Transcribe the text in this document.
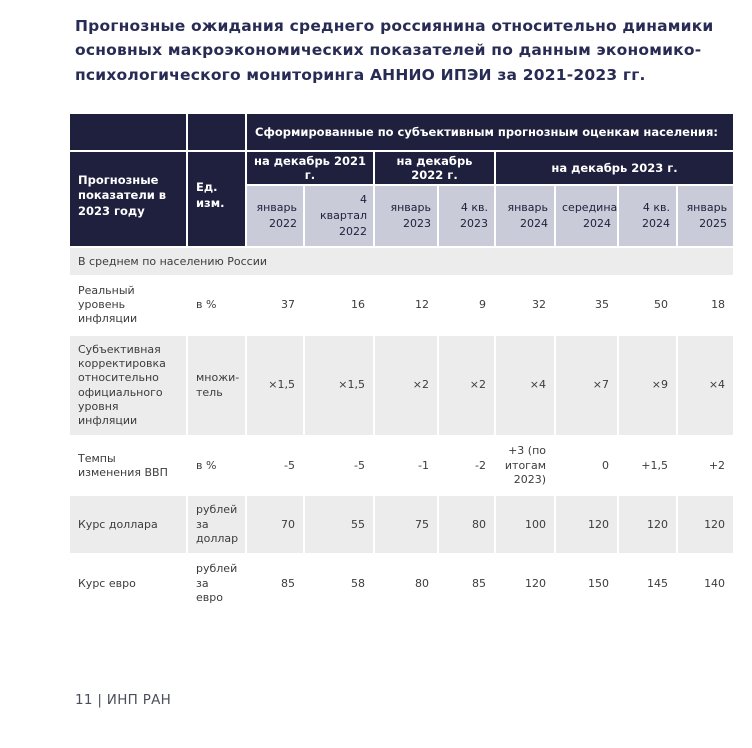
Прогнозные ожидания среднего россиянина относительно динамики
основных макроэкономических показателей по данным экономико-
психологического мониторинга АННИО ИПЭИ за 2021-2023 гг.
		Сформированные по субъективным прогнозным оценкам населения:							
Прогнозные показатели в 2023 году	Ед. изм.	на декабрь 2021 г.		на декабрь 2022 г.		на декабрь 2023 г.			
		январь 2022	4 квартал 2022	январь 2023	4 кв. 2023	январь 2024	середина 2024	4 кв. 2024	январь 2025
В среднем по населению России									
Реальный уровень инфляции	в %	37	16	12	9	32	35	50	18
Субъективная корректировка относительно официального уровня инфляции	множи-тель	×1,5	×1,5	×2	×2	×4	×7	×9	×4
Темпы изменения ВВП	в %	-5	-5	-1	-2	+3 (по итогам 2023)	0	+1,5	+2
Курс доллара	рублей за доллар	70	55	75	80	100	120	120	120
Курс евро	рублей за евро	85	58	80	85	120	150	145	140
11 | ИНП РАН
